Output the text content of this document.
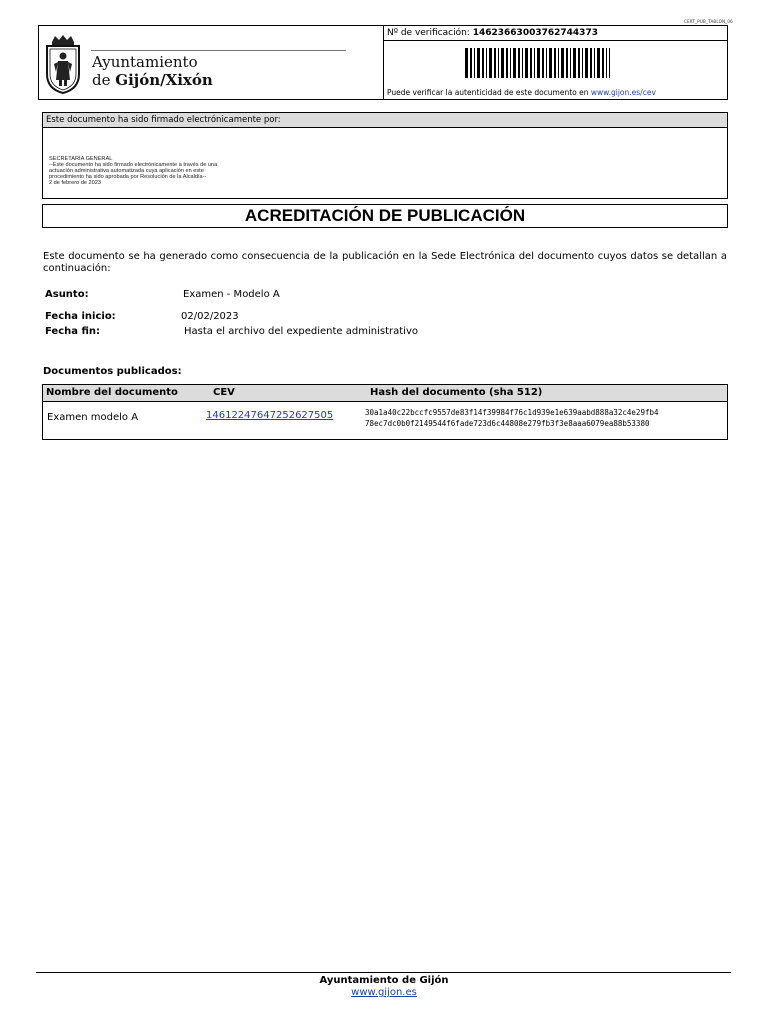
CERT_PUB_TABLON_06
Ayuntamiento
de Gijón/Xixón
Nº de verificación: 14623663003762744373
Puede verificar la autenticidad de este documento en www.gijon.es/cev
Este documento ha sido firmado electrónicamente por:
SECRETARÍA GENERAL
--Este documento ha sido firmado electrónicamente a través de una
actuación administrativa automatizada cuya aplicación en este
procedimiento ha sido aprobada por Resolución de la Alcaldía--
2 de febrero de 2023
ACREDITACIÓN DE PUBLICACIÓN
Este documento se ha generado como consecuencia de la publicación en la Sede Electrónica del documento cuyos datos se detallan a continuación:
Asunto:	Examen - Modelo A
Fecha inicio:	02/02/2023
Fecha fin:	Hasta el archivo del expediente administrativo
Documentos publicados:
Nombre del documento	CEV	Hash del documento (sha 512)
Examen modelo A	14612247647252627505	30a1a40c22bccfc9557de83f14f39984f76c1d939e1e639aabd888a32c4e29fb4
78ec7dc0b0f2149544f6fade723d6c44808e279fb3f3e8aaa6079ea88b53380
Ayuntamiento de Gijón
www.gijon.es
